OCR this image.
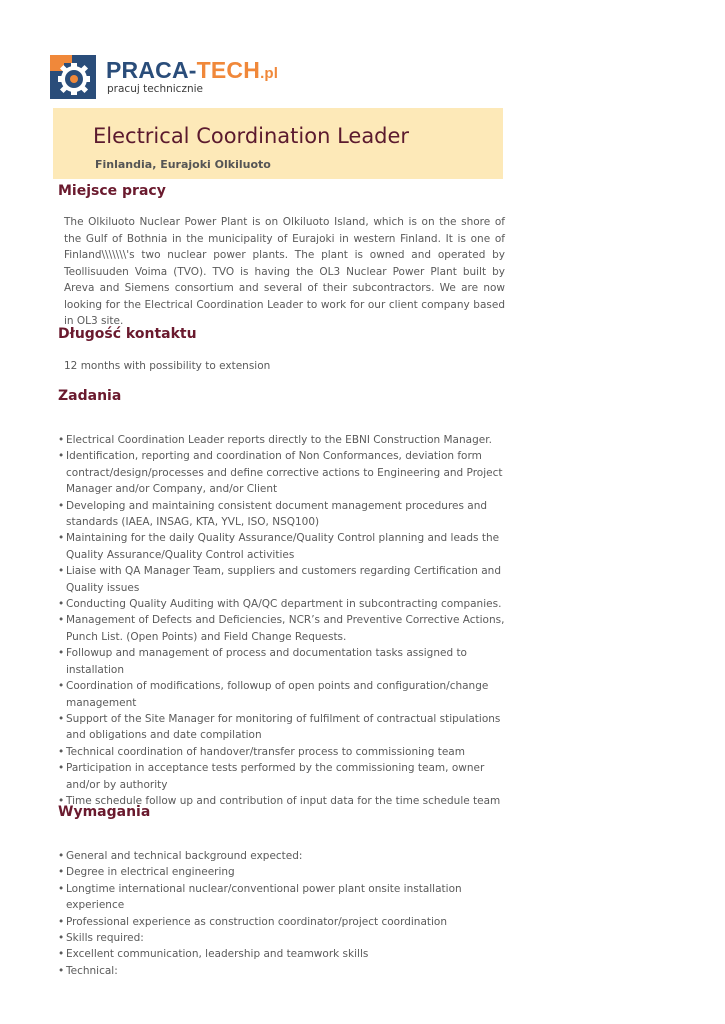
PRACA-TECH.pl
pracuj technicznie
Electrical Coordination Leader
Finlandia, Eurajoki Olkiluoto
Miejsce pracy
The Olkiluoto Nuclear Power Plant is on Olkiluoto Island, which is on the shore of the Gulf of Bothnia in the municipality of Eurajoki in western Finland. It is one of Finland\\\\\\\'s two nuclear power plants. The plant is owned and operated by Teollisuuden Voima (TVO). TVO is having the OL3 Nuclear Power Plant built by Areva and Siemens consortium and several of their subcontractors. We are now looking for the Electrical Coordination Leader to work for our client company based in OL3 site.
Długość kontaktu
12 months with possibility to extension
Zadania
• Electrical Coordination Leader reports directly to the EBNI Construction Manager.
• Identification, reporting and coordination of Non Conformances, deviation form contract/design/processes and define corrective actions to Engineering and Project Manager and/or Company, and/or Client
• Developing and maintaining consistent document management procedures and standards (IAEA, INSAG, KTA, YVL, ISO, NSQ100)
• Maintaining for the daily Quality Assurance/Quality Control planning and leads the Quality Assurance/Quality Control activities
• Liaise with QA Manager Team, suppliers and customers regarding Certification and Quality issues
• Conducting Quality Auditing with QA/QC department in subcontracting companies.
• Management of Defects and Deficiencies, NCR’s and Preventive Corrective Actions, Punch List. (Open Points) and Field Change Requests.
• Followup and management of process and documentation tasks assigned to installation
• Coordination of modifications, followup of open points and configuration/change management
• Support of the Site Manager for monitoring of fulfilment of contractual stipulations and obligations and date compilation
• Technical coordination of handover/transfer process to commissioning team
• Participation in acceptance tests performed by the commissioning team, owner and/or by authority
• Time schedule follow up and contribution of input data for the time schedule team
Wymagania
• General and technical background expected:
• Degree in electrical engineering
• Longtime international nuclear/conventional power plant onsite installation experience
• Professional experience as construction coordinator/project coordination
• Skills required:
• Excellent communication, leadership and teamwork skills
• Technical:
